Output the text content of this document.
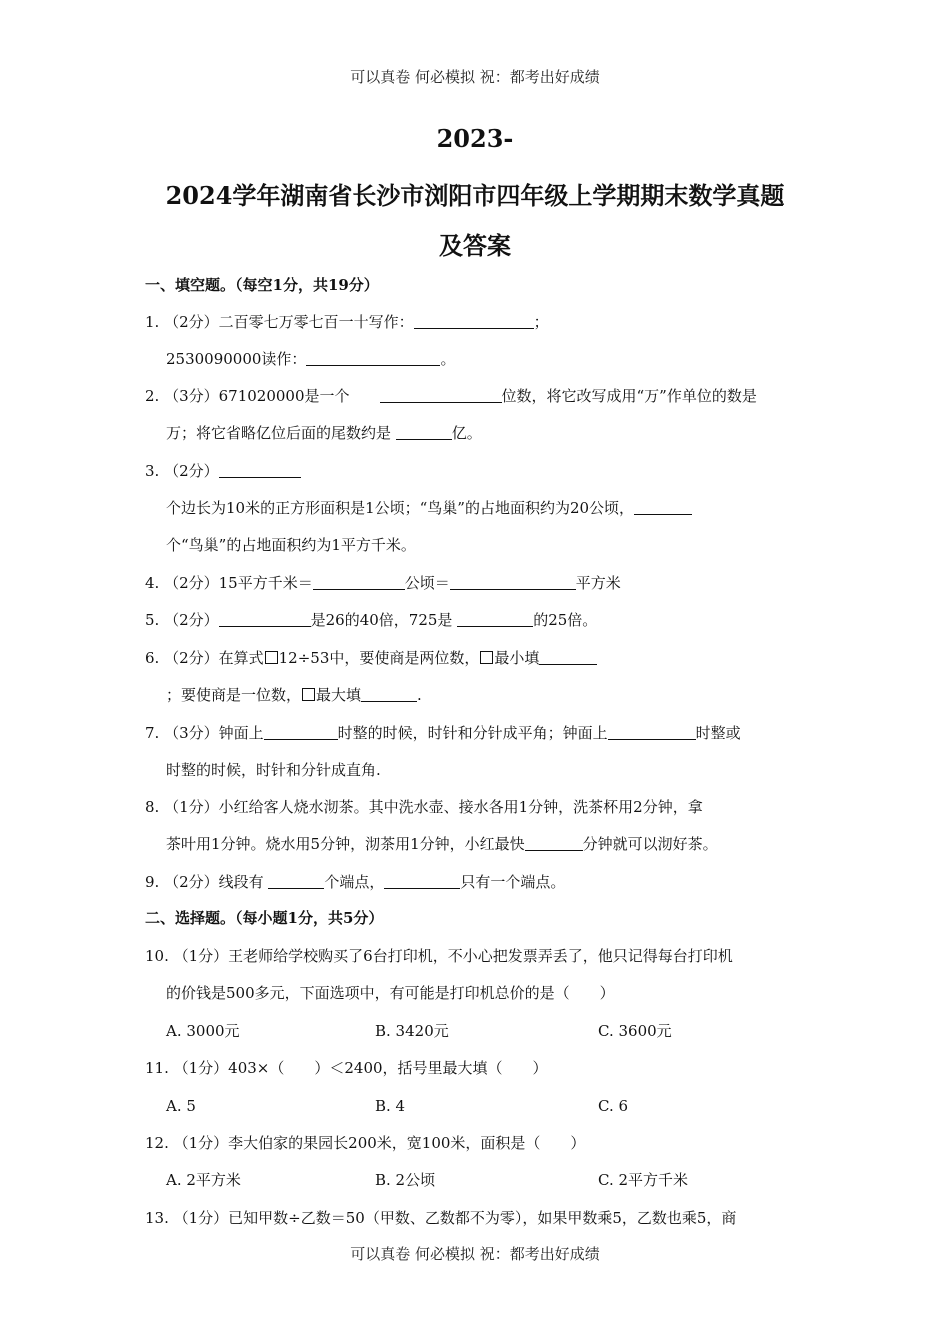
可以真卷 何必模拟 祝：都考出好成绩
2023-
2024学年湖南省长沙市浏阳市四年级上学期期末数学真题
及答案
一、填空题。（每空1分，共19分）
1. （2分）二百零七万零七百一十写作：	；
2530090000读作：	。
2. （3分）671020000是一个	位数，将它改写成用“万”作单位的数是
万；将它省略亿位后面的尾数约是	亿。
3. （2分）
个边长为10米的正方形面积是1公顷；“鸟巢”的占地面积约为20公顷，
个“鸟巢”的占地面积约为1平方千米。
4. （2分）15平方千米＝	公顷＝	平方米
5. （2分）	是26的40倍，725是	的25倍。
6. （2分）在算式 12÷53中，要使商是两位数， 最小填
；要使商是一位数， 最大填	.
7. （3分）钟面上	时整的时候，时针和分针成平角；钟面上	时整或
时整的时候，时针和分针成直角.
8. （1分）小红给客人烧水沏茶。其中洗水壶、接水各用1分钟，洗茶杯用2分钟，拿
茶叶用1分钟。烧水用5分钟，沏茶用1分钟，小红最快	分钟就可以沏好茶。
9. （2分）线段有	个端点，	只有一个端点。
二、选择题。（每小题1分，共5分）
10. （1分）王老师给学校购买了6台打印机，不小心把发票弄丢了，他只记得每台打印机
的价钱是500多元，下面选项中，有可能是打印机总价的是（　　）
A. 3000元	B. 3420元	C. 3600元
11. （1分）403×（　　）＜2400，括号里最大填（　　）
A. 5	B. 4	C. 6
12. （1分）李大伯家的果园长200米，宽100米，面积是（　　）
A. 2平方米	B. 2公顷	C. 2平方千米
13. （1分）已知甲数÷乙数＝50（甲数、乙数都不为零），如果甲数乘5，乙数也乘5，商
可以真卷 何必模拟 祝：都考出好成绩
